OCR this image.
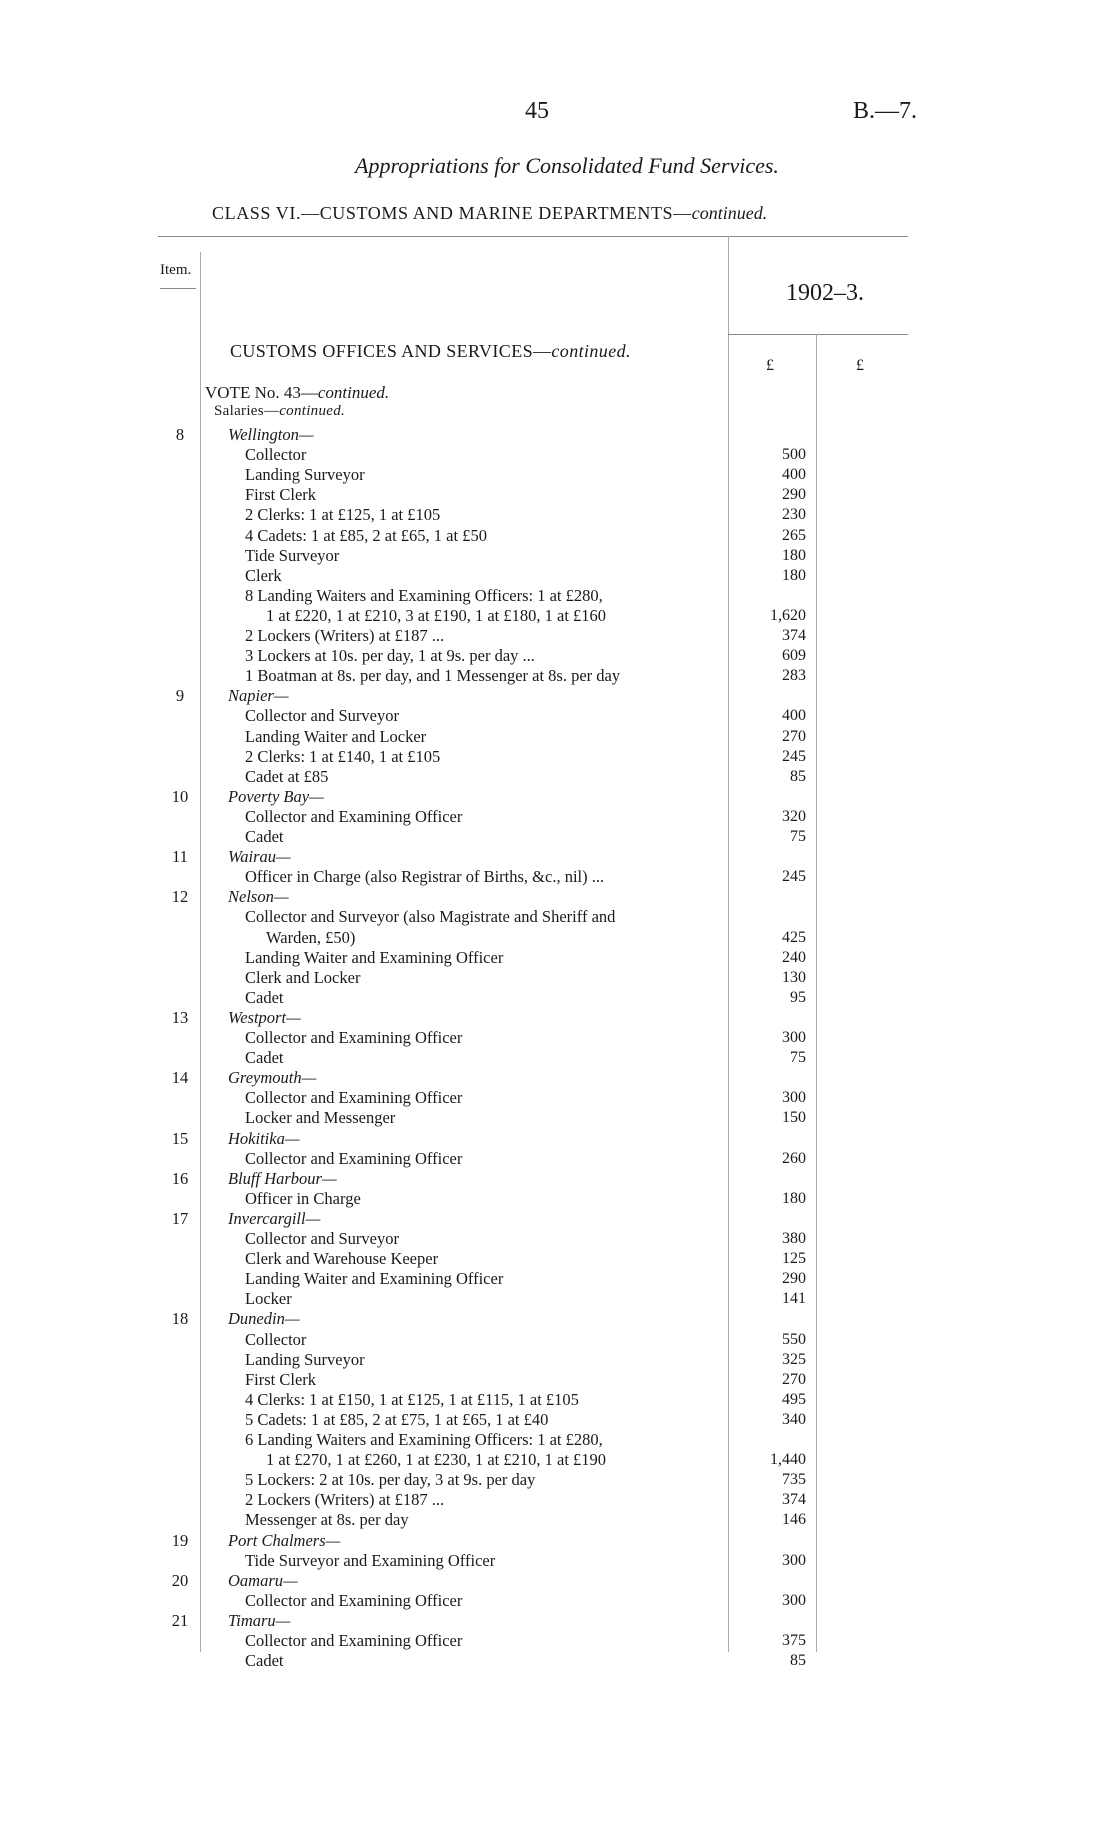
45	B.—7.
Appropriations for Consolidated Fund Services.
CLASS VI.—CUSTOMS AND MARINE DEPARTMENTS—continued.
Item.
1902–3.
CUSTOMS OFFICES AND SERVICES—continued.
£	£
VOTE No. 43—continued.
Salaries—continued.
8	Wellington—
Collector	500
Landing Surveyor	400
First Clerk	290
2 Clerks: 1 at £125, 1 at £105	230
4 Cadets: 1 at £85, 2 at £65, 1 at £50	265
Tide Surveyor	180
Clerk	180
8 Landing Waiters and Examining Officers: 1 at £280,
1 at £220, 1 at £210, 3 at £190, 1 at £180, 1 at £160	1,620
2 Lockers (Writers) at £187 ...	374
3 Lockers at 10s. per day, 1 at 9s. per day ...	609
1 Boatman at 8s. per day, and 1 Messenger at 8s. per day	283
9	Napier—
Collector and Surveyor	400
Landing Waiter and Locker	270
2 Clerks: 1 at £140, 1 at £105	245
Cadet at £85	85
10	Poverty Bay—
Collector and Examining Officer	320
Cadet	75
11	Wairau—
Officer in Charge (also Registrar of Births, &c., nil) ...	245
12	Nelson—
Collector and Surveyor (also Magistrate and Sheriff and
Warden, £50)	425
Landing Waiter and Examining Officer	240
Clerk and Locker	130
Cadet	95
13	Westport—
Collector and Examining Officer	300
Cadet	75
14	Greymouth—
Collector and Examining Officer	300
Locker and Messenger	150
15	Hokitika—
Collector and Examining Officer	260
16	Bluff Harbour—
Officer in Charge	180
17	Invercargill—
Collector and Surveyor	380
Clerk and Warehouse Keeper	125
Landing Waiter and Examining Officer	290
Locker	141
18	Dunedin—
Collector	550
Landing Surveyor	325
First Clerk	270
4 Clerks: 1 at £150, 1 at £125, 1 at £115, 1 at £105	495
5 Cadets: 1 at £85, 2 at £75, 1 at £65, 1 at £40	340
6 Landing Waiters and Examining Officers: 1 at £280,
1 at £270, 1 at £260, 1 at £230, 1 at £210, 1 at £190	1,440
5 Lockers: 2 at 10s. per day, 3 at 9s. per day	735
2 Lockers (Writers) at £187 ...	374
Messenger at 8s. per day	146
19	Port Chalmers—
Tide Surveyor and Examining Officer	300
20	Oamaru—
Collector and Examining Officer	300
21	Timaru—
Collector and Examining Officer	375
Cadet	85
